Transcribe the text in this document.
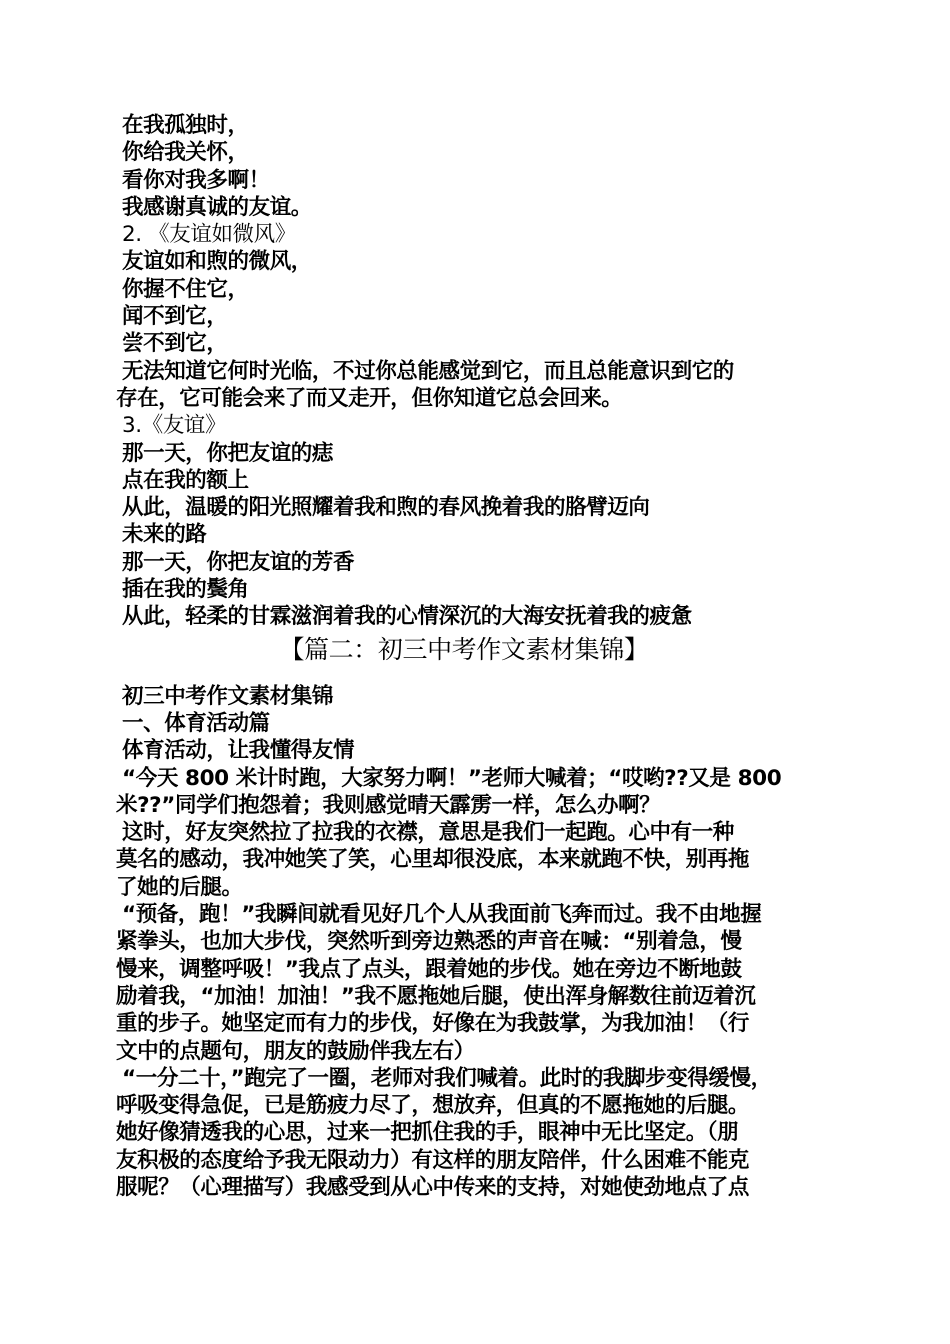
在我孤独时，
你给我关怀，
看你对我多啊！
我感谢真诚的友谊。
2. 《友谊如微风》
友谊如和煦的微风，
你握不住它，
闻不到它，
尝不到它，
无法知道它何时光临，不过你总能感觉到它，而且总能意识到它的
存在，它可能会来了而又走开，但你知道它总会回来。
3.《友谊》
那一天，你把友谊的痣
点在我的额上
从此，温暖的阳光照耀着我和煦的春风挽着我的胳臂迈向
未来的路
那一天，你把友谊的芳香
插在我的鬓角
从此，轻柔的甘霖滋润着我的心情深沉的大海安抚着我的疲惫
【篇二：初三中考作文素材集锦】
初三中考作文素材集锦
一、体育活动篇
体育活动，让我懂得友情
“今天 800 米计时跑，大家努力啊！”老师大喊着；“哎哟??又是 800
米??”同学们抱怨着；我则感觉晴天霹雳一样，怎么办啊？
这时，好友突然拉了拉我的衣襟，意思是我们一起跑。心中有一种
莫名的感动，我冲她笑了笑，心里却很没底，本来就跑不快，别再拖
了她的后腿。
“预备，跑！”我瞬间就看见好几个人从我面前飞奔而过。我不由地握
紧拳头，也加大步伐，突然听到旁边熟悉的声音在喊：“别着急，慢
慢来，调整呼吸！”我点了点头，跟着她的步伐。她在旁边不断地鼓
励着我，“加油！加油！”我不愿拖她后腿，使出浑身解数往前迈着沉
重的步子。她坚定而有力的步伐，好像在为我鼓掌，为我加油！（行
文中的点题句，朋友的鼓励伴我左右）
“一分二十，”跑完了一圈，老师对我们喊着。此时的我脚步变得缓慢，
呼吸变得急促，已是筋疲力尽了，想放弃，但真的不愿拖她的后腿。
她好像猜透我的心思，过来一把抓住我的手，眼神中无比坚定。（朋
友积极的态度给予我无限动力）有这样的朋友陪伴，什么困难不能克
服呢？（心理描写）我感受到从心中传来的支持，对她使劲地点了点
